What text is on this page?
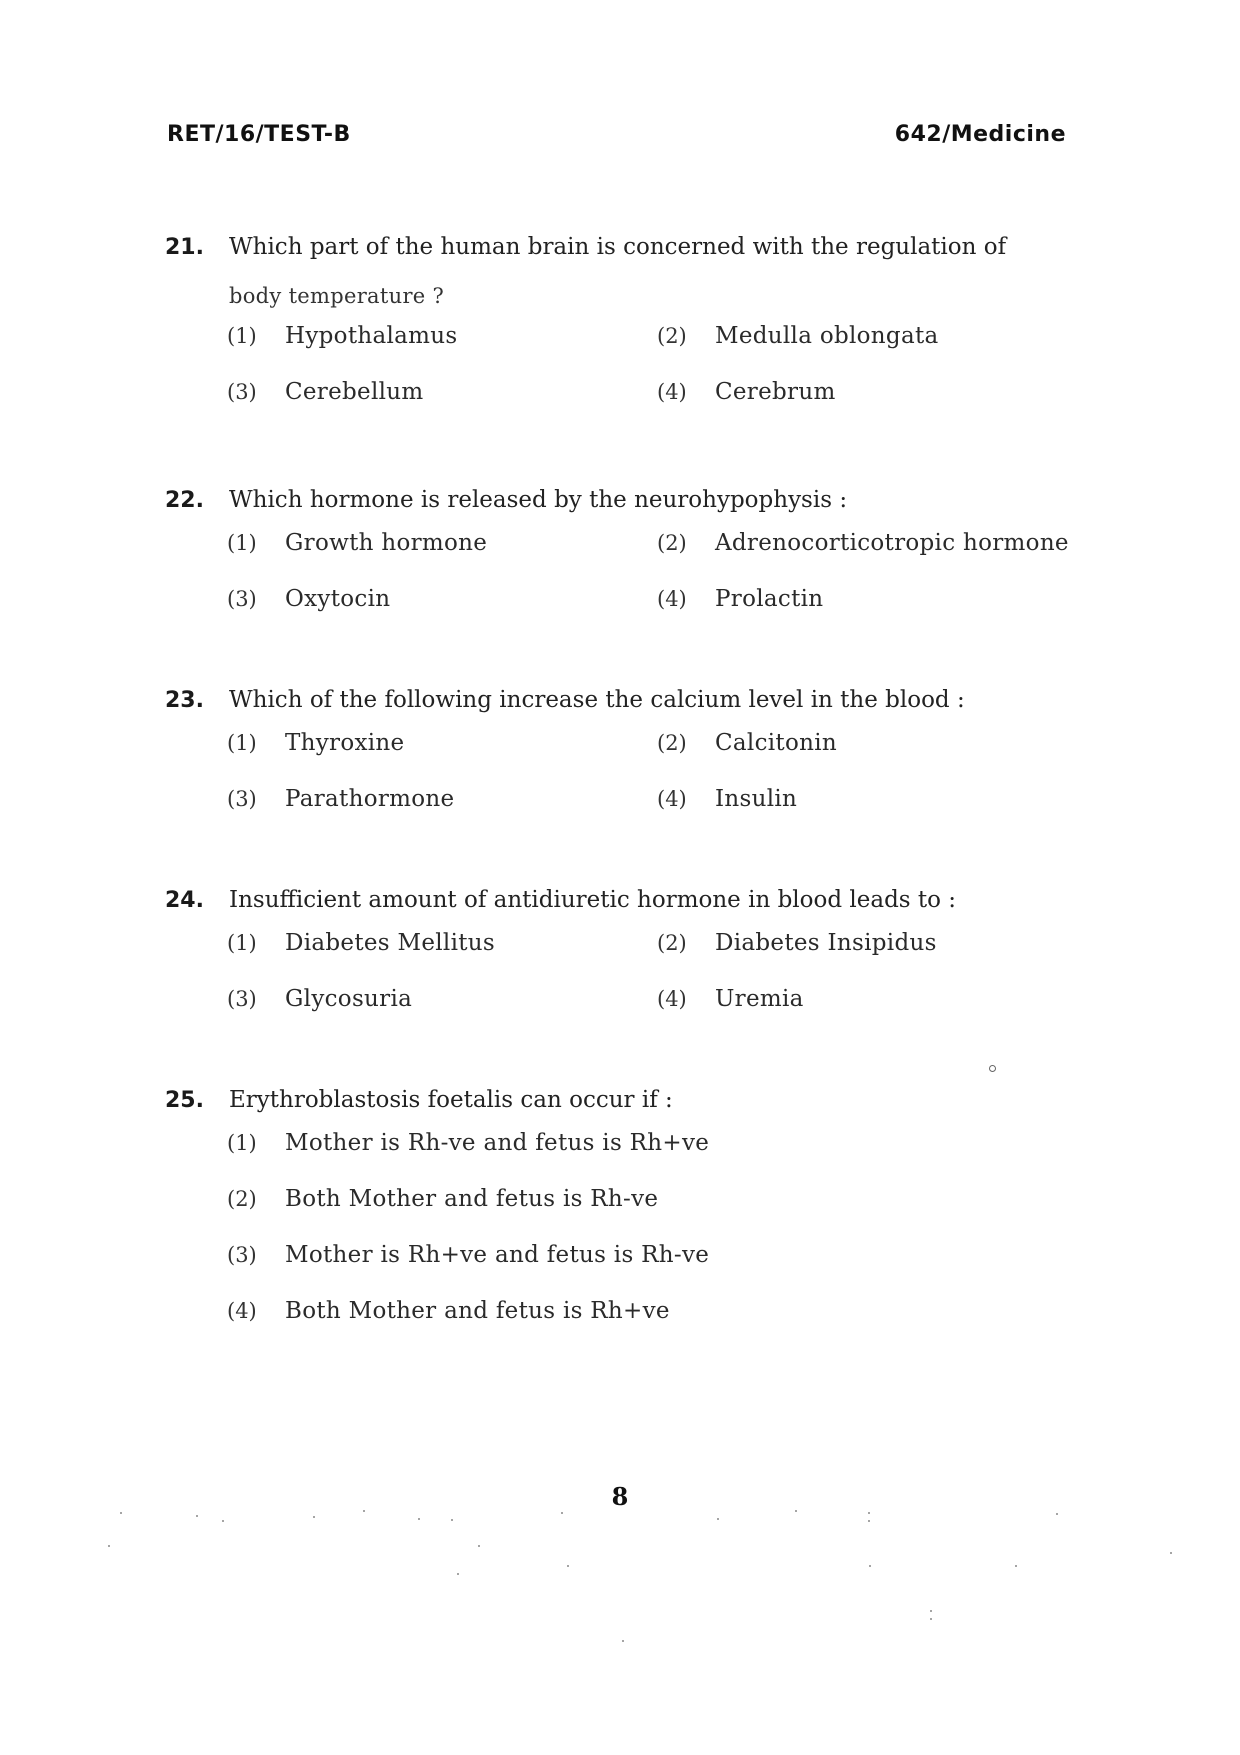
RET/16/TEST-B	642/Medicine
21.	Which part of the human brain is concerned with the regulation of
body temperature ?
(1)	Hypothalamus	(2)	Medulla oblongata
(3)	Cerebellum	(4)	Cerebrum
22.	Which hormone is released by the neurohypophysis :
(1)	Growth hormone	(2)	Adrenocorticotropic hormone
(3)	Oxytocin	(4)	Prolactin
23.	Which of the following increase the calcium level in the blood :
(1)	Thyroxine	(2)	Calcitonin
(3)	Parathormone	(4)	Insulin
24.	Insufficient amount of antidiuretic hormone in blood leads to :
(1)	Diabetes Mellitus	(2)	Diabetes Insipidus
(3)	Glycosuria	(4)	Uremia
25.	Erythroblastosis foetalis can occur if :
(1)	Mother is Rh-ve and fetus is Rh+ve
(2)	Both Mother and fetus is Rh-ve
(3)	Mother is Rh+ve and fetus is Rh-ve
(4)	Both Mother and fetus is Rh+ve
8
